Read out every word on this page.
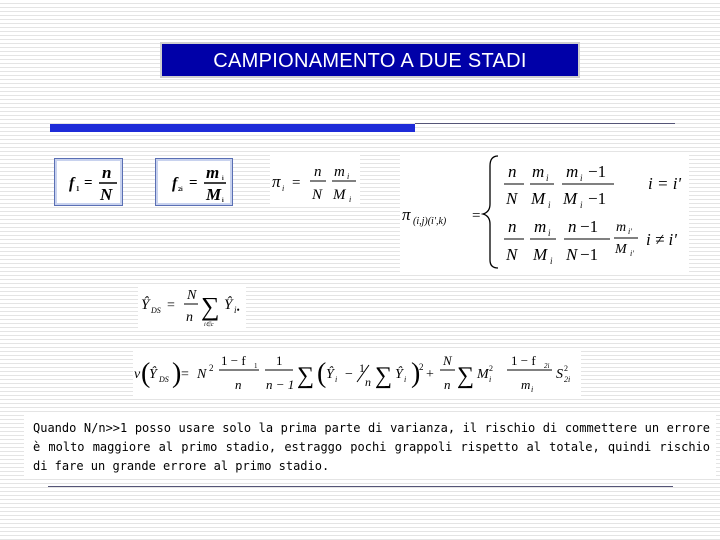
CAMPIONAMENTO A DUE STADI
f 1 =
n
N
f 2i =
m i
M i
π i =
n
N
m i
M i
π (i,j)(i',k) =
n
N
m i
M i
m i −1
M i −1
i = i'
n
N
m i
M i
n −1
N −1
m i'
M i'
i ≠ i'
Ŷ DS =
N
n ∑
i∈c
Ŷ i•
v (
Ŷ DS ) = N 2 1 − f 1
n
1
n − 1 ∑ ( Ŷ i − 1
n ∑ Ŷ i )
2 +
N
n ∑ M 2
i
1 − f 2i
m i
S 2
2i
Quando N/n>>1 posso usare solo la prima parte di varianza, il rischio di commettere un errore è molto maggiore al primo stadio, estraggo pochi grappoli rispetto al totale, quindi rischio di fare un grande errore al primo stadio.
